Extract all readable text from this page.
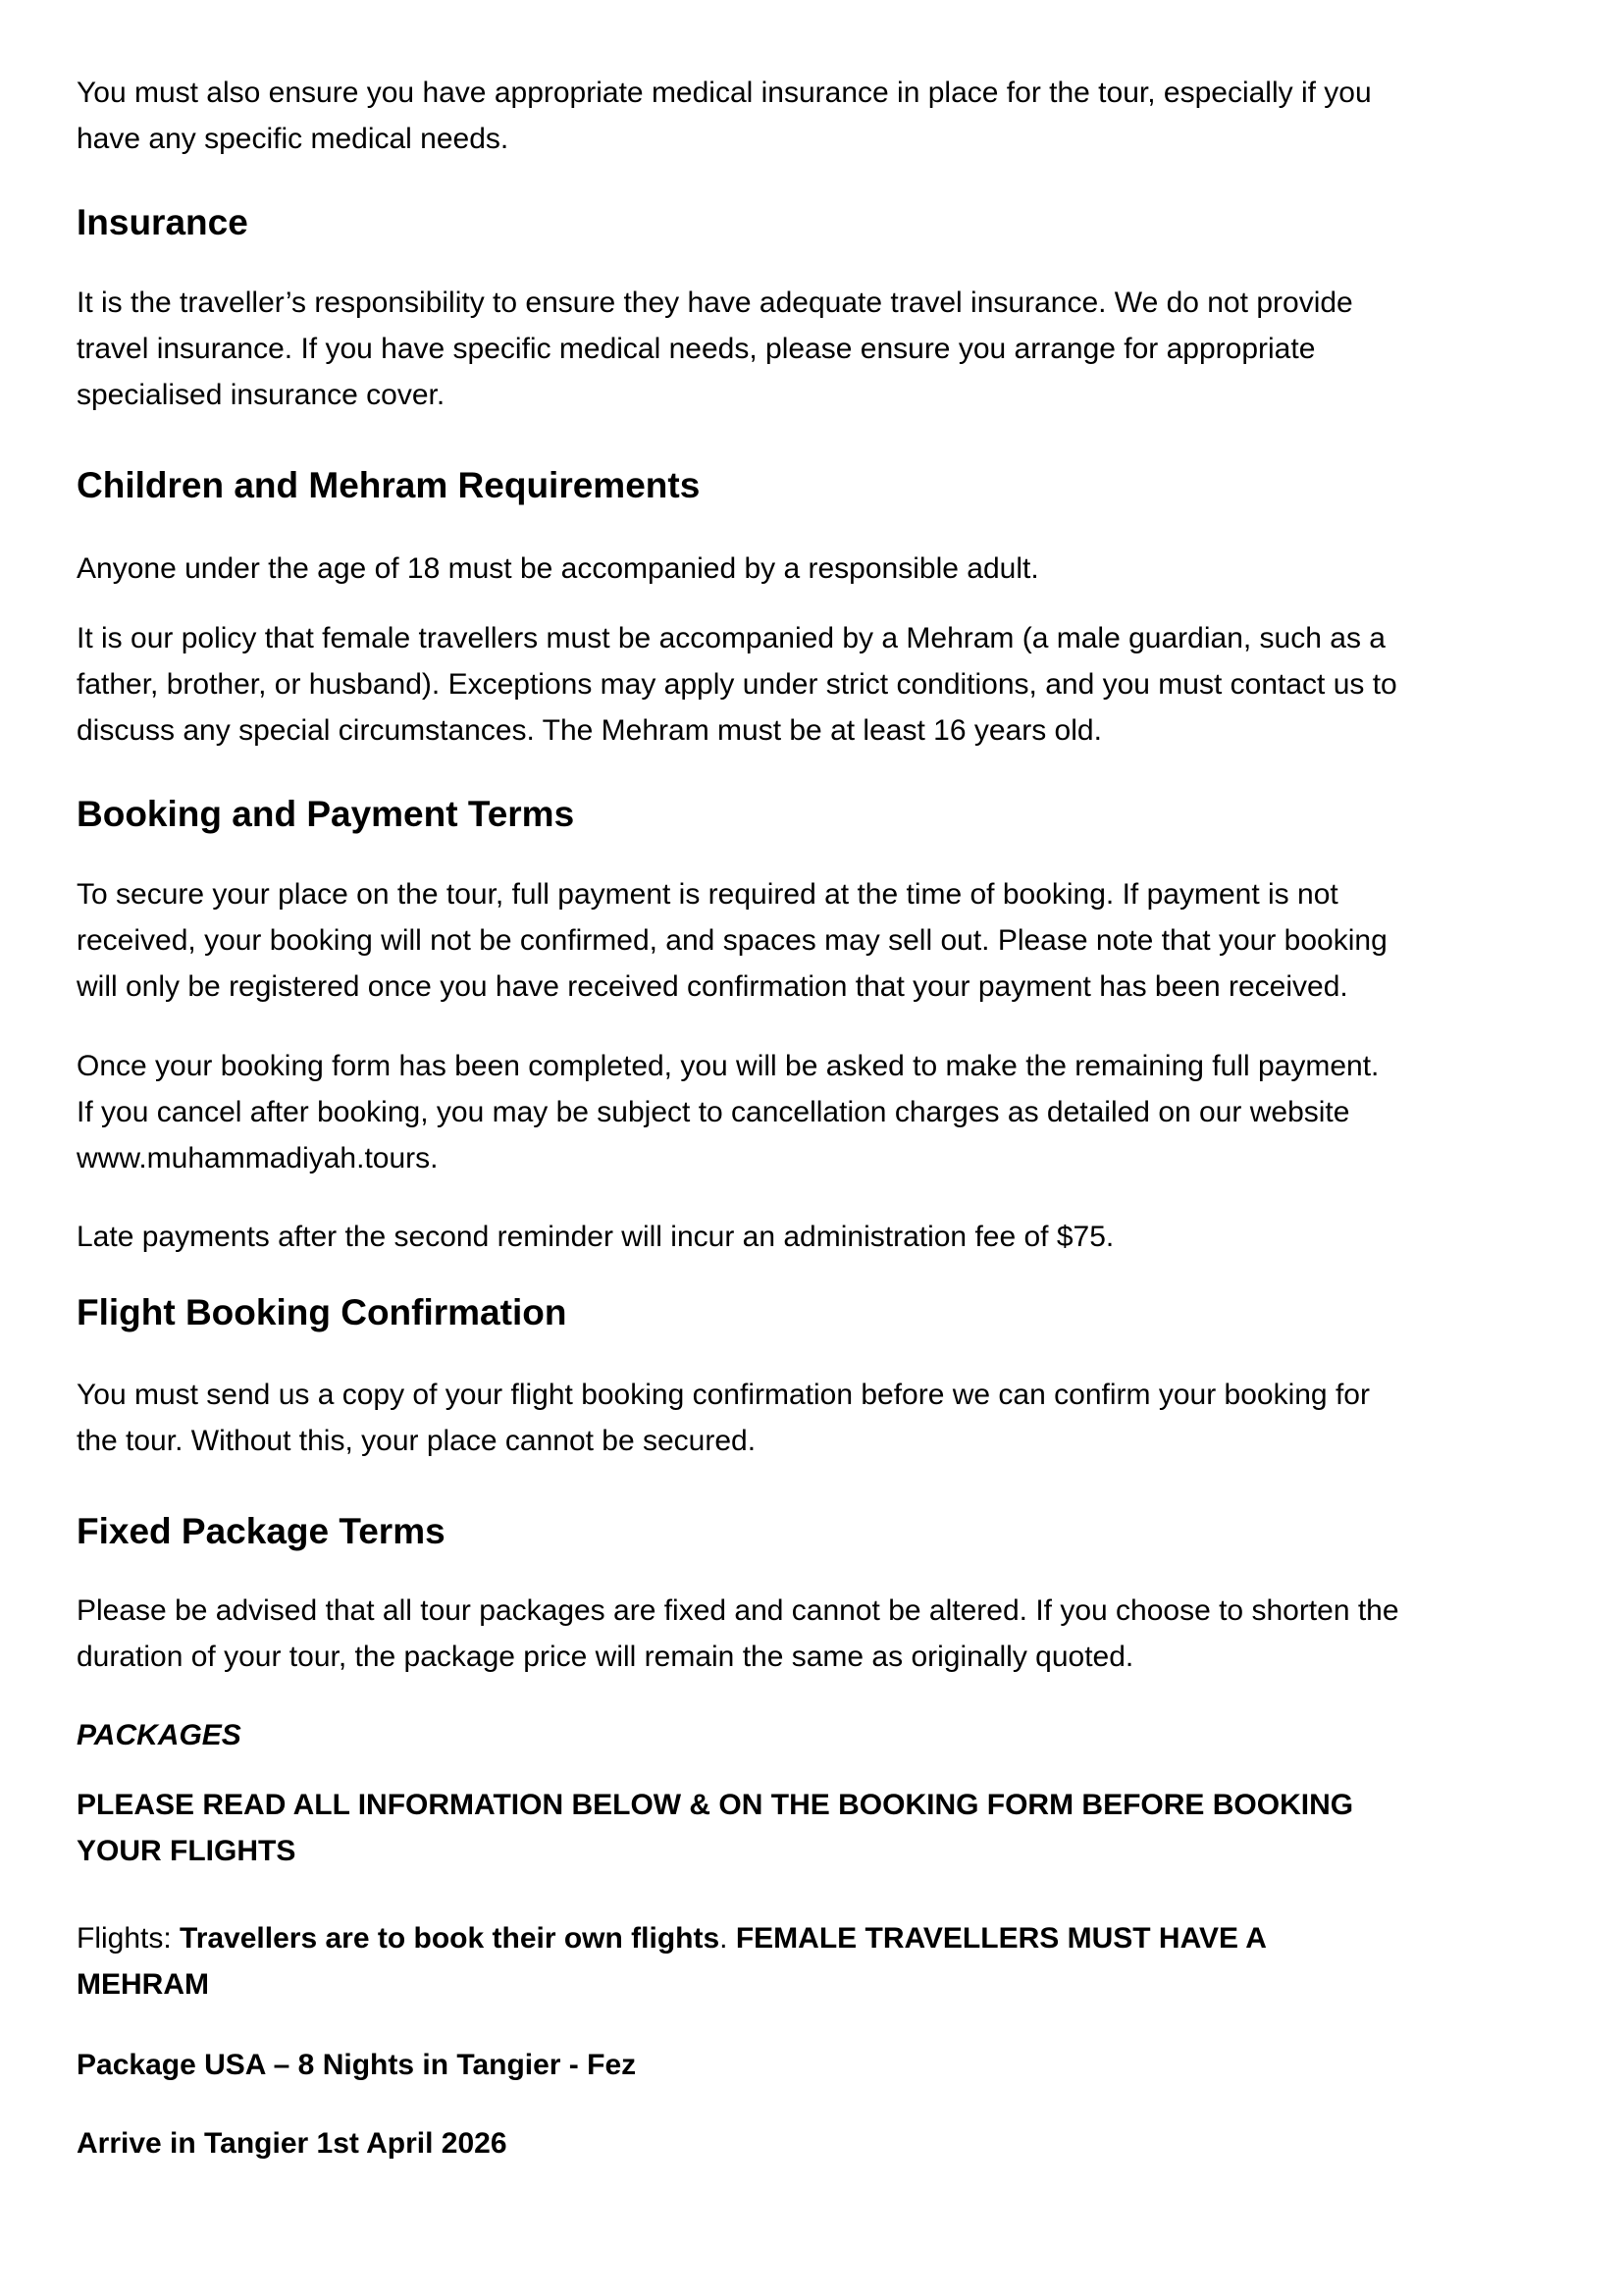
You must also ensure you have appropriate medical insurance in place for the tour, especially if you
have any specific medical needs.
Insurance
It is the traveller’s responsibility to ensure they have adequate travel insurance. We do not provide
travel insurance. If you have specific medical needs, please ensure you arrange for appropriate
specialised insurance cover.
Children and Mehram Requirements
Anyone under the age of 18 must be accompanied by a responsible adult.
It is our policy that female travellers must be accompanied by a Mehram (a male guardian, such as a
father, brother, or husband). Exceptions may apply under strict conditions, and you must contact us to
discuss any special circumstances. The Mehram must be at least 16 years old.
Booking and Payment Terms
To secure your place on the tour, full payment is required at the time of booking. If payment is not
received, your booking will not be confirmed, and spaces may sell out. Please note that your booking
will only be registered once you have received confirmation that your payment has been received.
Once your booking form has been completed, you will be asked to make the remaining full payment.
If you cancel after booking, you may be subject to cancellation charges as detailed on our website
www.muhammadiyah.tours.
Late payments after the second reminder will incur an administration fee of $75.
Flight Booking Confirmation
You must send us a copy of your flight booking confirmation before we can confirm your booking for
the tour. Without this, your place cannot be secured.
Fixed Package Terms
Please be advised that all tour packages are fixed and cannot be altered. If you choose to shorten the
duration of your tour, the package price will remain the same as originally quoted.
PACKAGES
PLEASE READ ALL INFORMATION BELOW & ON THE BOOKING FORM BEFORE BOOKING
YOUR FLIGHTS
Flights: Travellers are to book their own flights. FEMALE TRAVELLERS MUST HAVE A
MEHRAM
Package USA – 8 Nights in Tangier - Fez
Arrive in Tangier 1st April 2026
